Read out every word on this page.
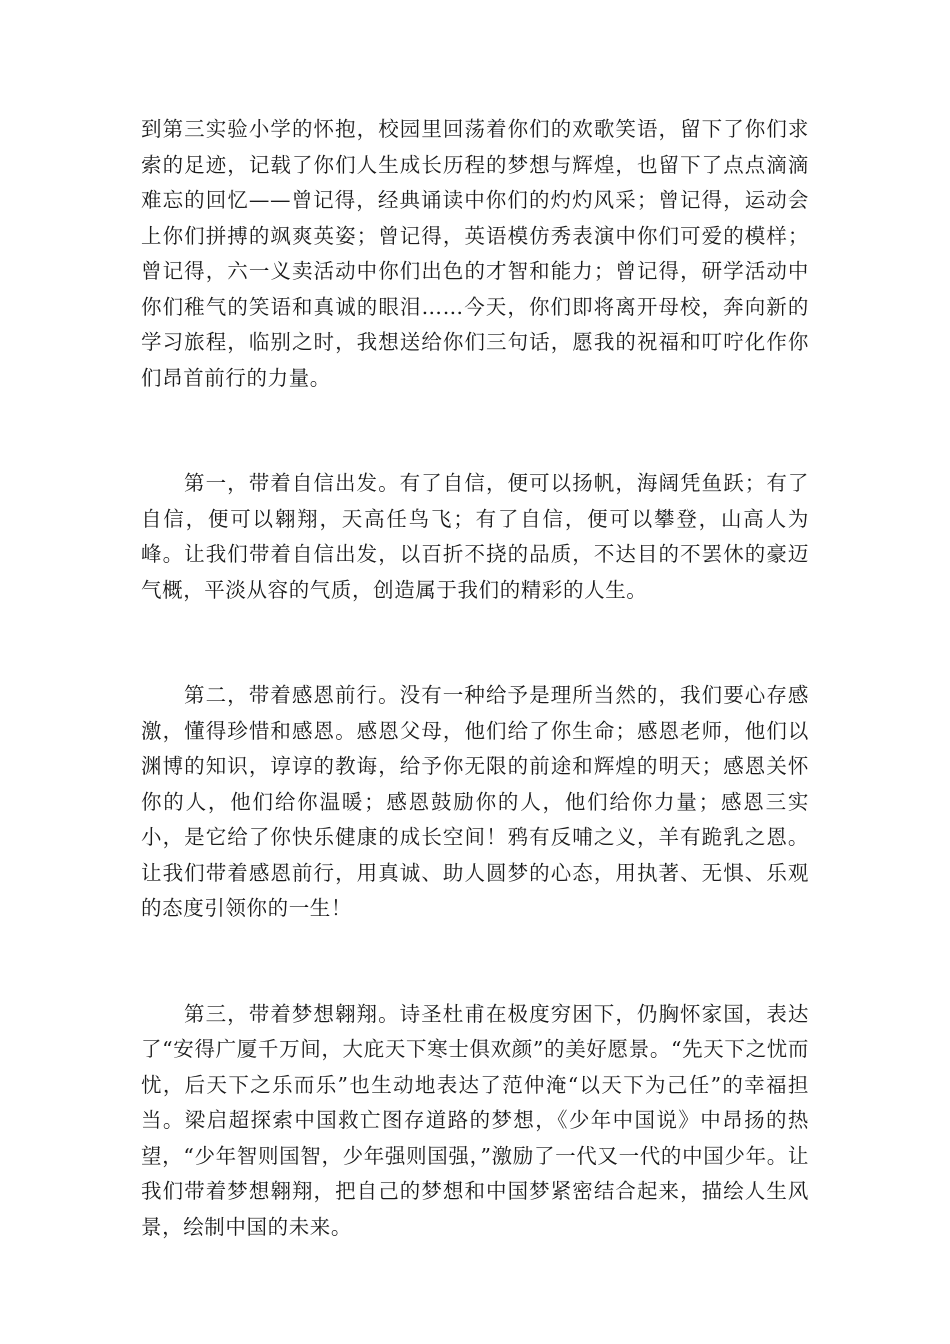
到第三实验小学的怀抱，校园里回荡着你们的欢歌笑语，留下了你们求索的足迹，记载了你们人生成长历程的梦想与辉煌，也留下了点点滴滴难忘的回忆——曾记得，经典诵读中你们的灼灼风采；曾记得，运动会上你们拼搏的飒爽英姿；曾记得，英语模仿秀表演中你们可爱的模样；曾记得，六一义卖活动中你们出色的才智和能力；曾记得，研学活动中你们稚气的笑语和真诚的眼泪……今天，你们即将离开母校，奔向新的学习旅程，临别之时，我想送给你们三句话，愿我的祝福和叮咛化作你们昂首前行的力量。

第一，带着自信出发。有了自信，便可以扬帆，海阔凭鱼跃；有了自信，便可以翱翔，天高任鸟飞；有了自信，便可以攀登，山高人为峰。让我们带着自信出发，以百折不挠的品质，不达目的不罢休的豪迈气概，平淡从容的气质，创造属于我们的精彩的人生。

第二，带着感恩前行。没有一种给予是理所当然的，我们要心存感激，懂得珍惜和感恩。感恩父母，他们给了你生命；感恩老师，他们以渊博的知识，谆谆的教诲，给予你无限的前途和辉煌的明天；感恩关怀你的人，他们给你温暖；感恩鼓励你的人，他们给你力量；感恩三实小，是它给了你快乐健康的成长空间！鸦有反哺之义，羊有跪乳之恩。让我们带着感恩前行，用真诚、助人圆梦的心态，用执著、无惧、乐观的态度引领你的一生！

第三，带着梦想翱翔。诗圣杜甫在极度穷困下，仍胸怀家国，表达了“安得广厦千万间，大庇天下寒士俱欢颜”的美好愿景。“先天下之忧而忧，后天下之乐而乐”也生动地表达了范仲淹“以天下为己任”的幸福担当。梁启超探索中国救亡图存道路的梦想，《少年中国说》中昂扬的热望，“少年智则国智，少年强则国强，”激励了一代又一代的中国少年。让我们带着梦想翱翔，把自己的梦想和中国梦紧密结合起来，描绘人生风景，绘制中国的未来。
